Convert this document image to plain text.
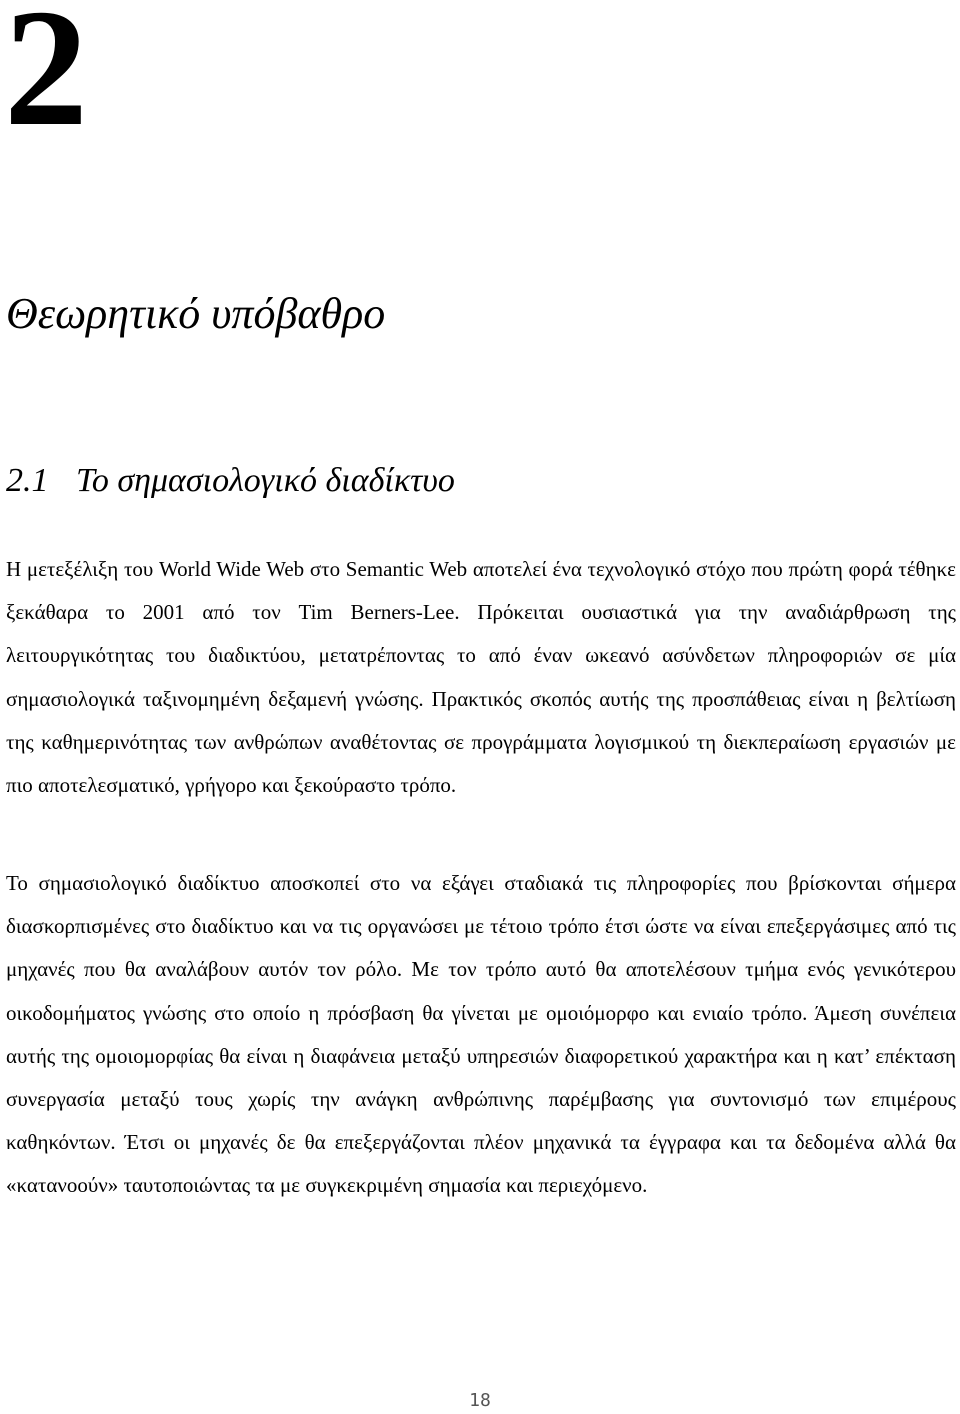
2
Θεωρητικό υπόβαθρο
2.1 Το σημασιολογικό διαδίκτυο

Η μετεξέλιξη του World Wide Web στο Semantic Web αποτελεί ένα τεχνολογικό στόχο που πρώτη φορά τέθηκε ξεκάθαρα το 2001 από τον Tim Berners-Lee. Πρόκειται ουσιαστικά για την αναδιάρθρωση της λειτουργικότητας του διαδικτύου, μετατρέποντας το από έναν ωκεανό ασύνδετων πληροφοριών σε μία σημασιολογικά ταξινομημένη δεξαμενή γνώσης. Πρακτικός σκοπός αυτής της προσπάθειας είναι η βελτίωση της καθημερινότητας των ανθρώπων αναθέτοντας σε προγράμματα λογισμικού τη διεκπεραίωση εργασιών με πιο αποτελεσματικό, γρήγορο και ξεκούραστο τρόπο.

Το σημασιολογικό διαδίκτυο αποσκοπεί στο να εξάγει σταδιακά τις πληροφορίες που βρίσκονται σήμερα διασκορπισμένες στο διαδίκτυο και να τις οργανώσει με τέτοιο τρόπο έτσι ώστε να είναι επεξεργάσιμες από τις μηχανές που θα αναλάβουν αυτόν τον ρόλο. Με τον τρόπο αυτό θα αποτελέσουν τμήμα ενός γενικότερου οικοδομήματος γνώσης στο οποίο η πρόσβαση θα γίνεται με ομοιόμορφο και ενιαίο τρόπο. Άμεση συνέπεια αυτής της ομοιομορφίας θα είναι η διαφάνεια μεταξύ υπηρεσιών διαφορετικού χαρακτήρα και η κατ’ επέκταση συνεργασία μεταξύ τους χωρίς την ανάγκη ανθρώπινης παρέμβασης για συντονισμό των επιμέρους καθηκόντων. Έτσι οι μηχανές δε θα επεξεργάζονται πλέον μηχανικά τα έγγραφα και τα δεδομένα αλλά θα «κατανοούν» ταυτοποιώντας τα με συγκεκριμένη σημασία και περιεχόμενο.

18
